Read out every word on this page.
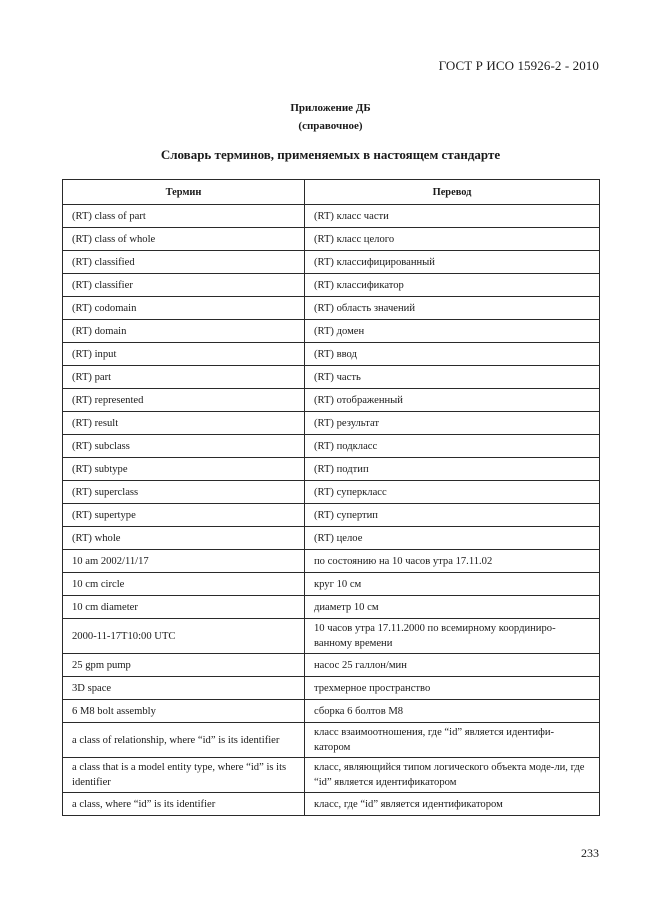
ГОСТ Р ИСО 15926-2 - 2010
Приложение ДБ
(справочное)
Словарь терминов, применяемых в настоящем стандарте
Термин	Перевод
(RT) class of part	(RT) класс части
(RT) class of whole	(RT) класс целого
(RT) classified	(RT) классифицированный
(RT) classifier	(RT) классификатор
(RT) codomain	(RT) область значений
(RT) domain	(RT) домен
(RT) input	(RT) ввод
(RT) part	(RT) часть
(RT) represented	(RT) отображенный
(RT) result	(RT) результат
(RT) subclass	(RT) подкласс
(RT) subtype	(RT) подтип
(RT) superclass	(RT) суперкласс
(RT) supertype	(RT) супертип
(RT) whole	(RT) целое
10 am 2002/11/17	по состоянию на 10 часов утра 17.11.02
10 cm circle	круг 10 см
10 cm diameter	диаметр 10 см
2000-11-17T10:00 UTC	10 часов утра 17.11.2000 по всемирному координиро-ванному времени
25 gpm pump	насос 25 галлон/мин
3D space	трехмерное пространство
6 M8 bolt assembly	сборка 6 болтов M8
a class of relationship, where “id” is its identifier	класс взаимоотношения, где “id” является идентифи-катором
a class that is a model entity type, where “id” is its identifier	класс, являющийся типом логического объекта моде-ли, где “id” является идентификатором
a class, where “id” is its identifier	класс, где “id” является идентификатором
233
